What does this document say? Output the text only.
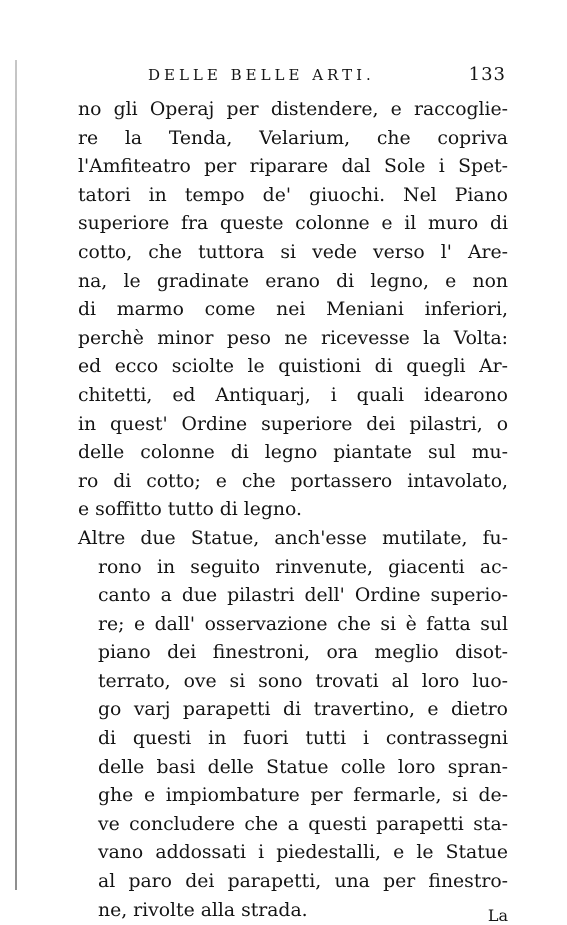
DELLE BELLE ARTI.	133
no gli Operaj per distendere, e raccoglie-
re la Tenda, Velarium, che copriva
l'Amfiteatro per riparare dal Sole i Spet-
tatori in tempo de' giuochi. Nel Piano
superiore fra queste colonne e il muro di
cotto, che tuttora si vede verso l' Are-
na, le gradinate erano di legno, e non
di marmo come nei Meniani inferiori,
perchè minor peso ne ricevesse la Volta:
ed ecco sciolte le quistioni di quegli Ar-
chitetti, ed Antiquarj, i quali idearono
in quest' Ordine superiore dei pilastri, o
delle colonne di legno piantate sul mu-
ro di cotto; e che portassero intavolato,
e soffitto tutto di legno.
Altre due Statue, anch'esse mutilate, fu-
rono in seguito rinvenute, giacenti ac-
canto a due pilastri dell' Ordine superio-
re; e dall' osservazione che si è fatta sul
piano dei finestroni, ora meglio disot-
terrato, ove si sono trovati al loro luo-
go varj parapetti di travertino, e dietro
di questi in fuori tutti i contrassegni
delle basi delle Statue colle loro spran-
ghe e impiombature per fermarle, si de-
ve concludere che a questi parapetti sta-
vano addossati i piedestalli, e le Statue
al paro dei parapetti, una per finestro-
ne, rivolte alla strada.	La
